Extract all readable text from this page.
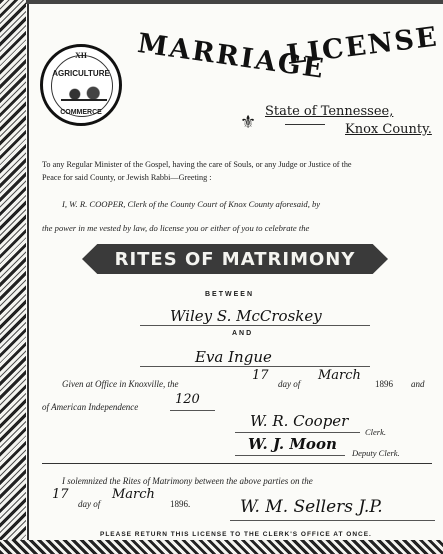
XII
AGRICULTURE
COMMERCE
MARRIAGE
LICENSE
⚜
State of Tennessee,
Knox County.
To any Regular Minister of the Gospel, having the care of Souls, or any Judge or Justice of the
Peace for said County, or Jewish Rabbi—Greeting :
I, W. R. COOPER, Clerk of the County Court of Knox County aforesaid, by
the power in me vested by law, do license you or either of you to celebrate the
RITES OF MATRIMONY
BETWEEN
Wiley S. McCroskey
AND
Eva Ingue
Given at Office in Knoxville, the
17
day of
March
1896 and
of American Independence	120
W. R. Cooper
Clerk.
W. J. Moon Deputy Clerk.
I solemnized the Rites of Matrimony between the above parties on the
17
day of
March
1896.	W. M. Sellers J.P.
PLEASE RETURN THIS LICENSE TO THE CLERK'S OFFICE AT ONCE.
